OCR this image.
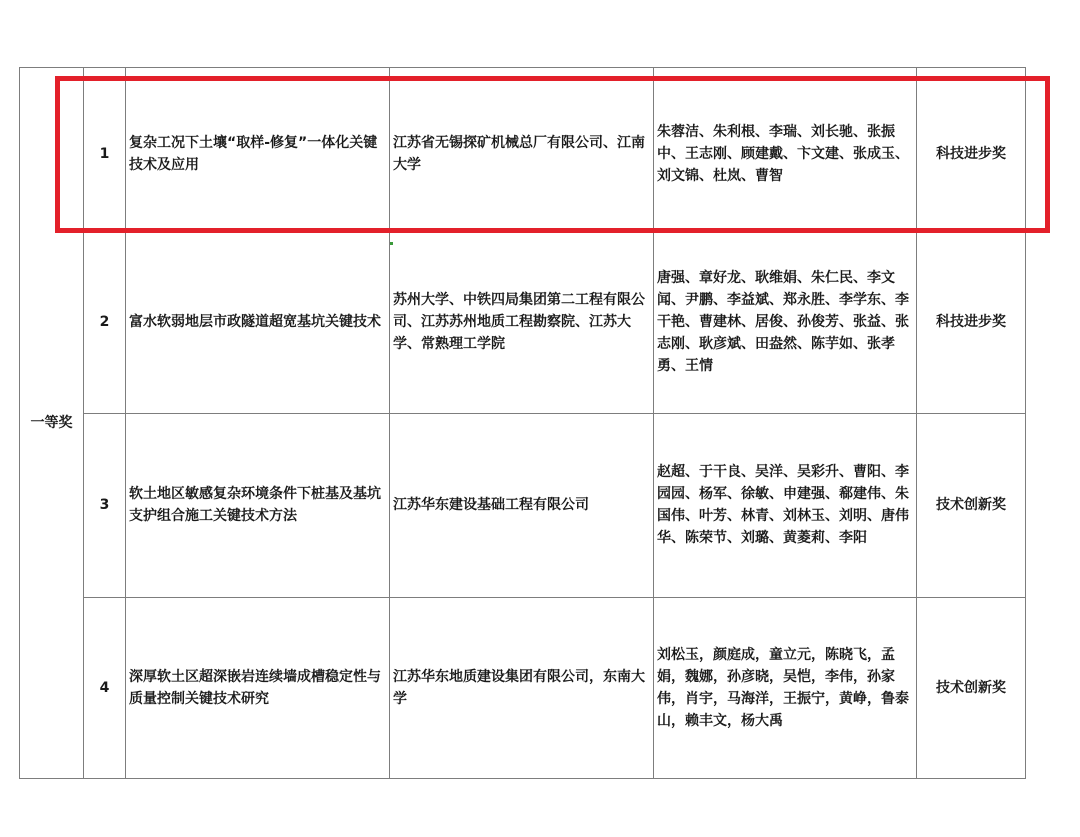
一等奖					
	1	复杂工况下土壤“取样-修复”一体化关键技术及应用	江苏省无锡探矿机械总厂有限公司、江南大学	朱蓉洁、朱利根、李瑞、刘长驰、张振中、王志刚、顾建戴、卞文建、张成玉、刘文锦、杜岚、曹智	科技进步奖
	2	富水软弱地层市政隧道超宽基坑关键技术	苏州大学、中铁四局集团第二工程有限公司、江苏苏州地质工程勘察院、江苏大学、常熟理工学院	唐强、章好龙、耿维娟、朱仁民、李文闻、尹鹏、李益斌、郑永胜、李学东、李干艳、曹建林、居俊、孙俊芳、张益、张志刚、耿彦斌、田盎然、陈芋如、张孝勇、王情	科技进步奖
	3	软土地区敏感复杂环境条件下桩基及基坑支护组合施工关键技术方法	江苏华东建设基础工程有限公司	赵超、于干良、吴洋、吴彩升、曹阳、李园园、杨军、徐敏、申建强、郗建伟、朱国伟、叶芳、林青、刘林玉、刘明、唐伟华、陈荣节、刘璐、黄菱莉、李阳	技术创新奖
	4	深厚软土区超深嵌岩连续墙成槽稳定性与质量控制关键技术研究	江苏华东地质建设集团有限公司，东南大学	刘松玉，颜庭成，童立元，陈晓飞，孟娟，魏娜，孙彦晓，吴恺，李伟，孙家伟，肖宇，马海洋，王振宁，黄峥，鲁泰山，赖丰文，杨大禹	技术创新奖
